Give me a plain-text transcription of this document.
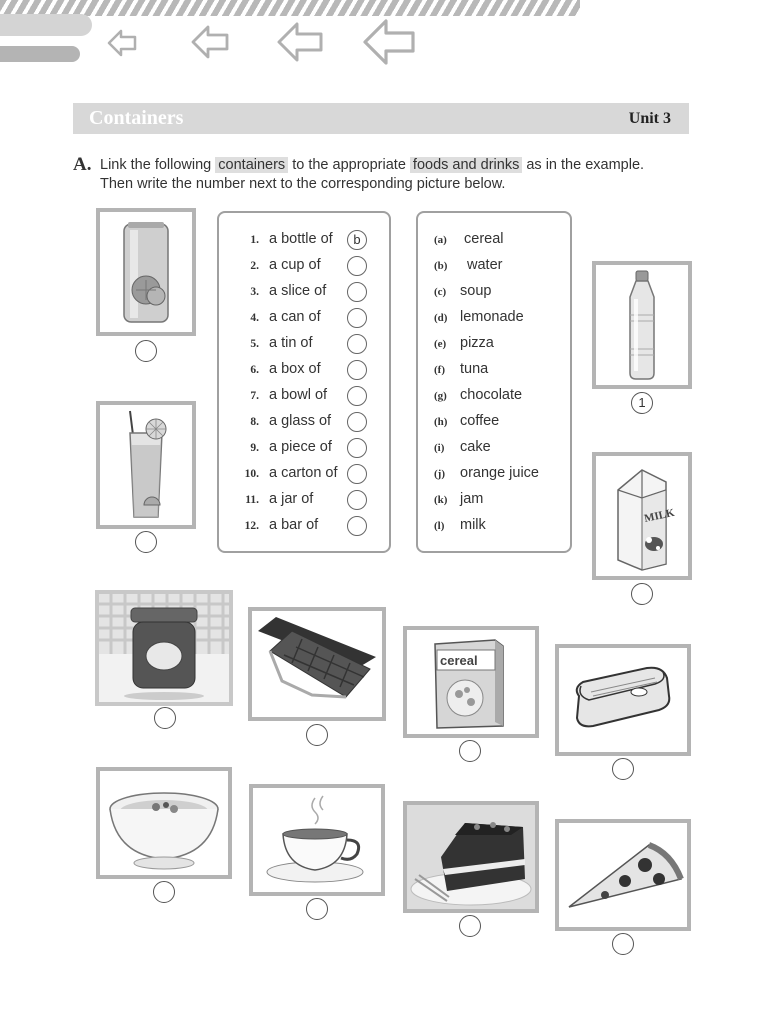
Containers	Unit 3
A. Link the following containers to the appropriate foods and drinks as in the example.
Then write the number next to the corresponding picture below.
1. a bottle of	b
2. a cup of
3. a slice of
4. a can of
5. a tin of
6. a box of
7. a bowl of
8. a glass of
9. a piece of
10. a carton of
11. a jar of
12. a bar of
(a) cereal
(b) water
(c) soup
(d) lemonade
(e) pizza
(f) tuna
(g) chocolate
(h) coffee
(i) cake
(j) orange juice
(k) jam
(l) milk
1
MILK
cereal
